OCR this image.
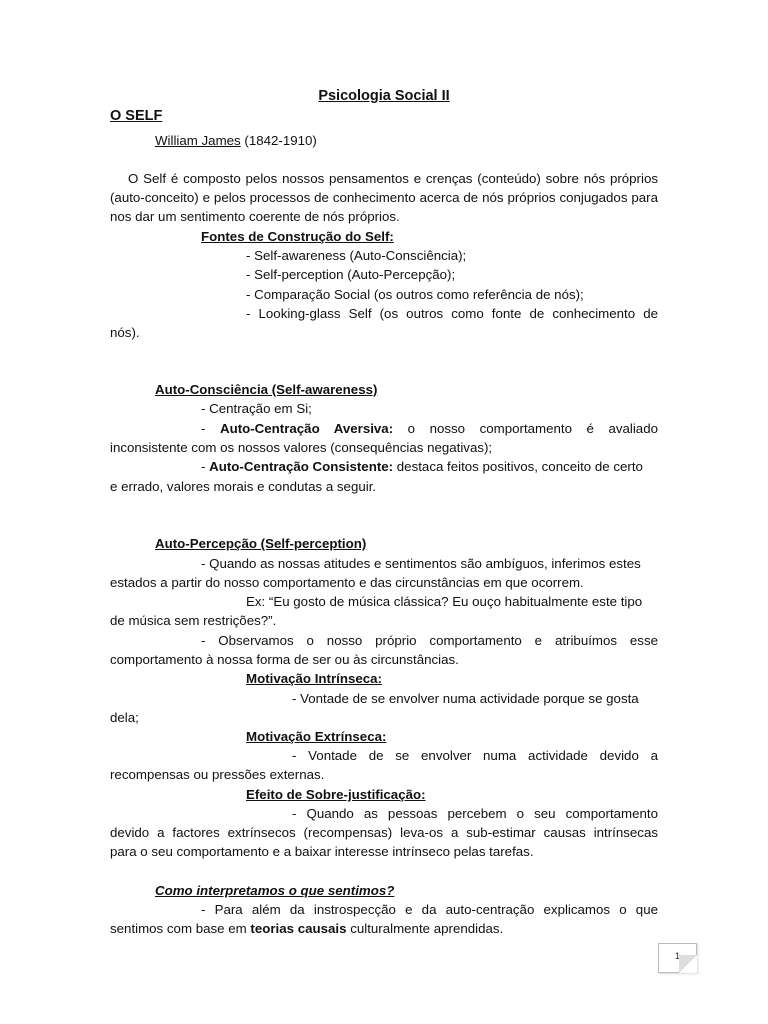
Psicologia Social II
O SELF
William James (1842-1910)
O Self é composto pelos nossos pensamentos e crenças (conteúdo) sobre nós próprios (auto-conceito) e pelos processos de conhecimento acerca de nós próprios conjugados para nos dar um sentimento coerente de nós próprios.
Fontes de Construção do Self:
- Self-awareness (Auto-Consciência);
- Self-perception (Auto-Percepção);
- Comparação Social (os outros como referência de nós);
- Looking-glass Self (os outros como fonte de conhecimento de
nós).
Auto-Consciência (Self-awareness)
- Centração em Si;
- Auto-Centração Aversiva: o nosso comportamento é avaliado
inconsistente com os nossos valores (consequências negativas);
- Auto-Centração Consistente: destaca feitos positivos, conceito de certo
e errado, valores morais e condutas a seguir.
Auto-Percepção (Self-perception)
- Quando as nossas atitudes e sentimentos são ambíguos, inferimos estes
estados a partir do nosso comportamento e das circunstâncias em que ocorrem.
Ex: “Eu gosto de música clássica? Eu ouço habitualmente este tipo
de música sem restrições?”.
- Observamos o nosso próprio comportamento e atribuímos esse
comportamento à nossa forma de ser ou às circunstâncias.
Motivação Intrínseca:
- Vontade de se envolver numa actividade porque se gosta
dela;
Motivação Extrínseca:
- Vontade de se envolver numa actividade devido a
recompensas ou pressões externas.
Efeito de Sobre-justificação:
- Quando as pessoas percebem o seu comportamento
devido a factores extrínsecos (recompensas) leva-os a sub-estimar causas intrínsecas
para o seu comportamento e a baixar interesse intrínseco pelas tarefas.
Como interpretamos o que sentimos?
- Para além da instrospecção e da auto-centração explicamos o que
sentimos com base em teorias causais culturalmente aprendidas.
1
